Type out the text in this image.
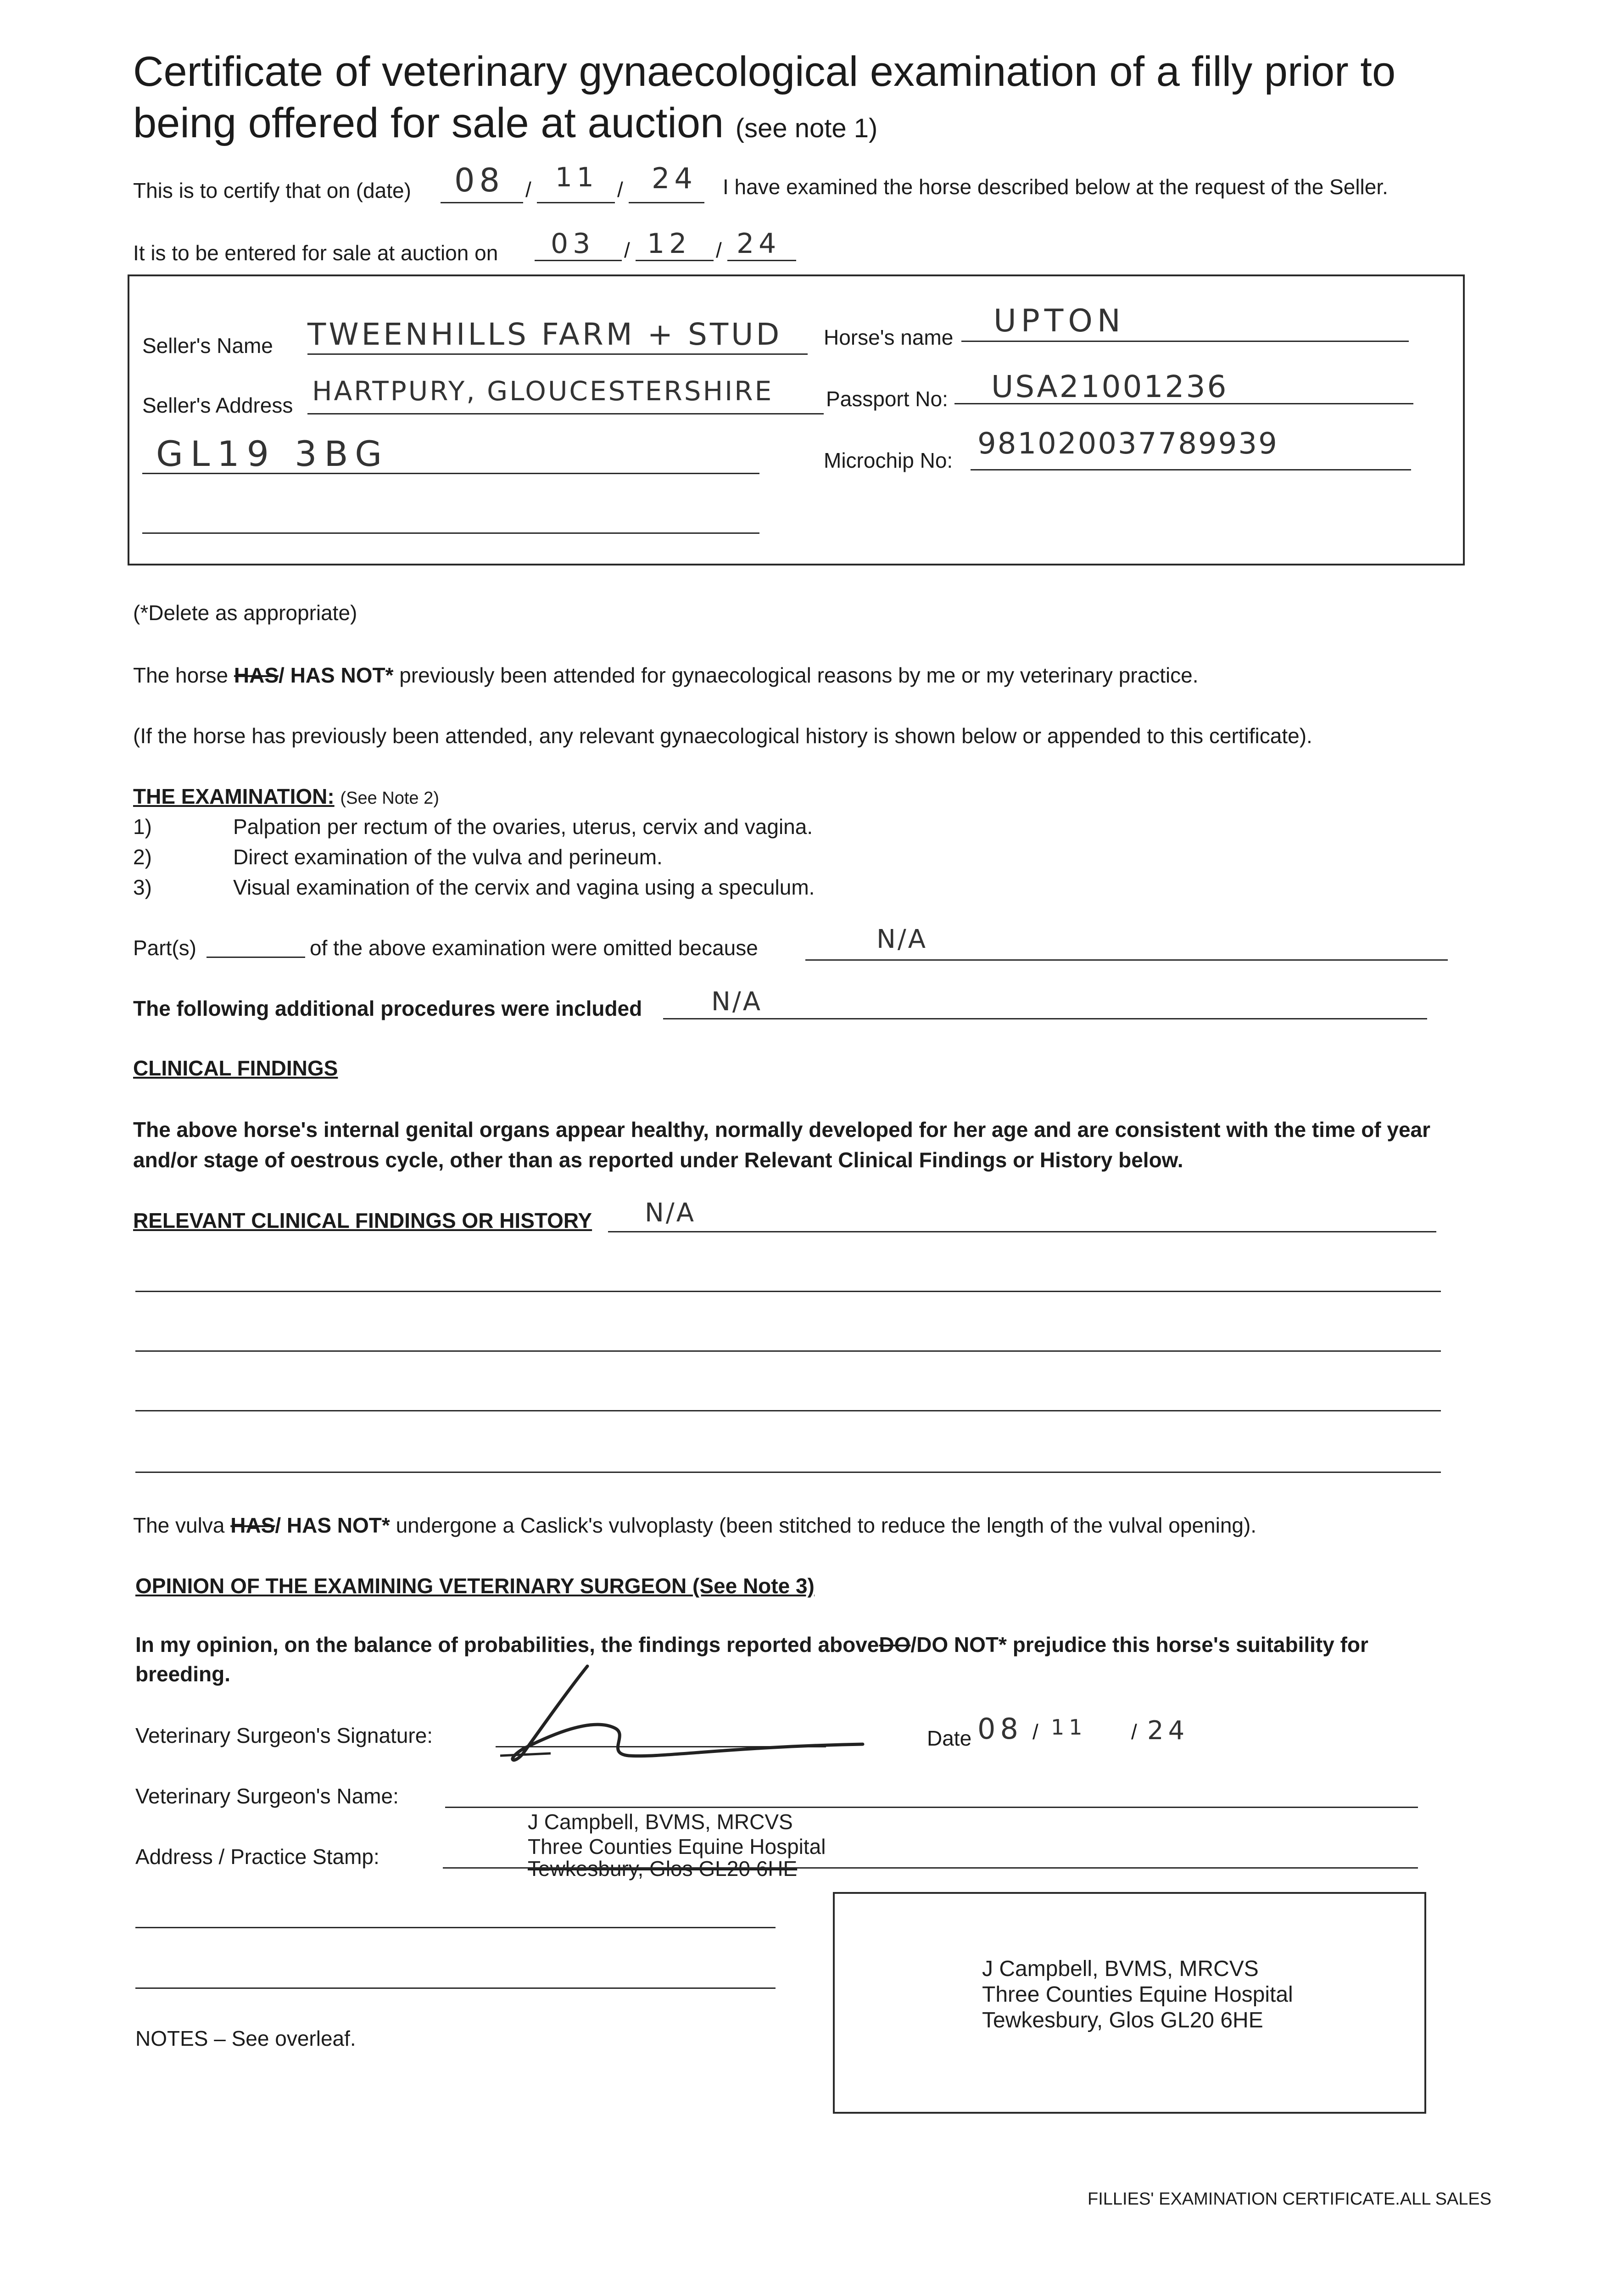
Certificate of veterinary gynaecological examination of a filly prior to
being offered for sale at auction (see note 1)
This is to certify that on (date) 08 / 11 / 24 I have examined the horse described below at the request of the Seller.
It is to be entered for sale at auction on 03 / 12 / 24
Seller's Name TWEENHILLS FARM + STUD Horse's name UPTON
Seller's Address HARTPURY, GLOUCESTERSHIRE Passport No: USA21001236
GL19 3BG	Microchip No: 981020037789939
(*Delete as appropriate)
The horse HAS/ HAS NOT* previously been attended for gynaecological reasons by me or my veterinary practice.
(If the horse has previously been attended, any relevant gynaecological history is shown below or appended to this certificate).
THE EXAMINATION: (See Note 2)
1)	Palpation per rectum of the ovaries, uterus, cervix and vagina.
2)	Direct examination of the vulva and perineum.
3)	Visual examination of the cervix and vagina using a speculum.
Part(s)	of the above examination were omitted because	N/A
The following additional procedures were included	N/A
CLINICAL FINDINGS
The above horse's internal genital organs appear healthy, normally developed for her age and are consistent with the time of year
and/or stage of oestrous cycle, other than as reported under Relevant Clinical Findings or History below.
RELEVANT CLINICAL FINDINGS OR HISTORY N/A
The vulva HAS/ HAS NOT* undergone a Caslick's vulvoplasty (been stitched to reduce the length of the vulval opening).
OPINION OF THE EXAMINING VETERINARY SURGEON (See Note 3)
In my opinion, on the balance of probabilities, the findings reported aboveDO/DO NOT* prejudice this horse's suitability for
breeding.
Veterinary Surgeon's Signature:	Date 08 / 11 / 24
Veterinary Surgeon's Name:
J Campbell, BVMS, MRCVS
Three Counties Equine Hospital
Tewkesbury, Glos GL20 6HE
Address / Practice Stamp:
J Campbell, BVMS, MRCVS
Three Counties Equine Hospital
Tewkesbury, Glos GL20 6HE
NOTES – See overleaf.
FILLIES' EXAMINATION CERTIFICATE.ALL SALES
